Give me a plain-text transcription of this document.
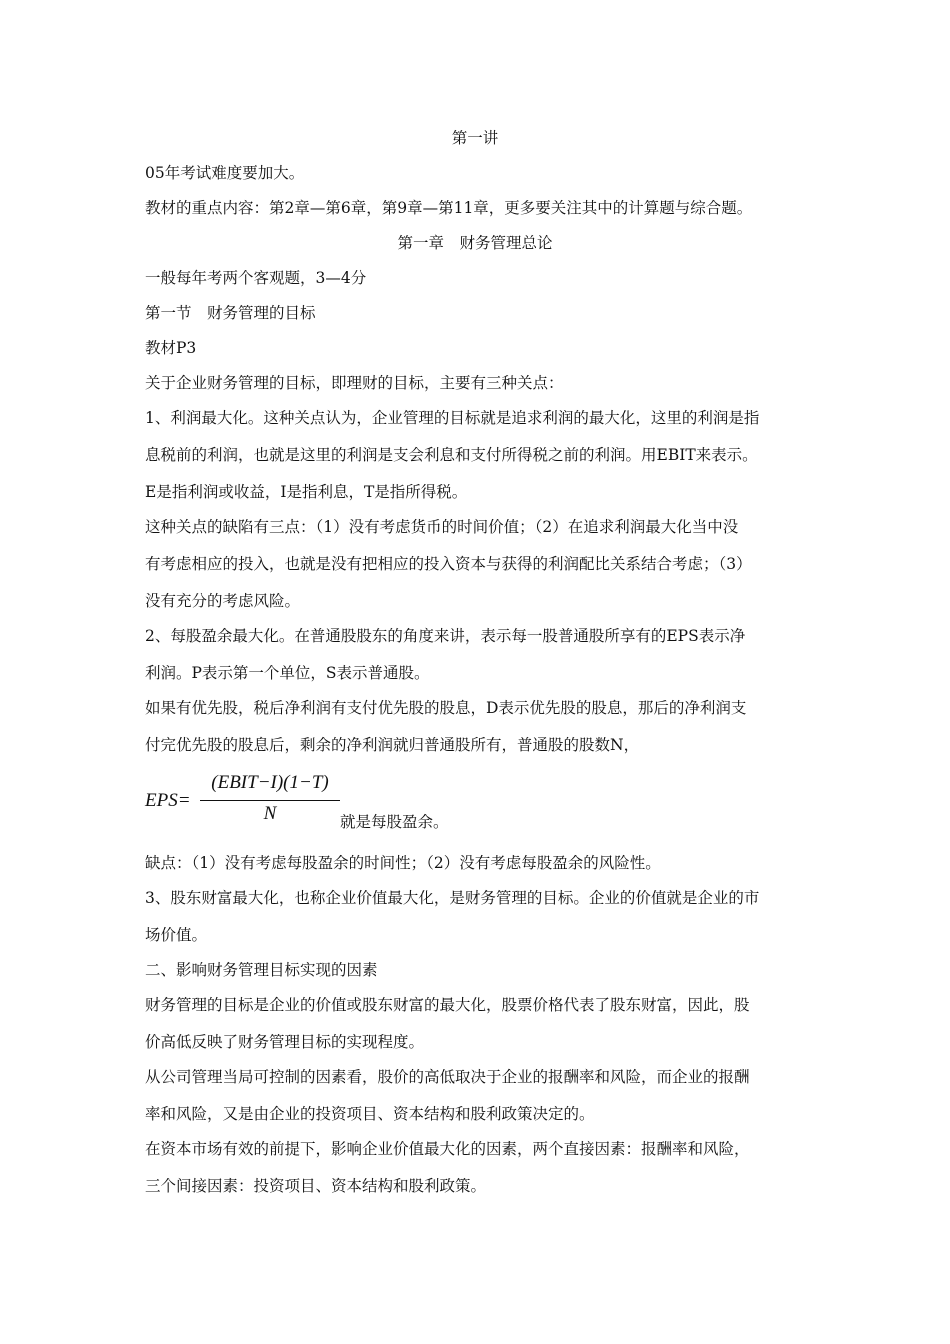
第一讲
05年考试难度要加大。
教材的重点内容：第2章—第6章，第9章—第11章，更多要关注其中的计算题与综合题。
第一章　财务管理总论
一般每年考两个客观题，3—4分
第一节　财务管理的目标
教材P3
关于企业财务管理的目标，即理财的目标，主要有三种关点：
1、利润最大化。这种关点认为，企业管理的目标就是追求利润的最大化，这里的利润是指
息税前的利润，也就是这里的利润是支会利息和支付所得税之前的利润。用EBIT来表示。
E是指利润或收益，I是指利息，T是指所得税。
这种关点的缺陷有三点：（1）没有考虑货币的时间价值；（2）在追求利润最大化当中没
有考虑相应的投入，也就是没有把相应的投入资本与获得的利润配比关系结合考虑；（3）
没有充分的考虑风险。
2、每股盈余最大化。在普通股股东的角度来讲，表示每一股普通股所享有的EPS表示净
利润。P表示第一个单位，S表示普通股。
如果有优先股，税后净利润有支付优先股的股息，D表示优先股的股息，那后的净利润支
付完优先股的股息后，剩余的净利润就归普通股所有，普通股的股数N，
EPS=
(EBIT−I)(1−T)
N	就是每股盈余。
缺点：（1）没有考虑每股盈余的时间性；（2）没有考虑每股盈余的风险性。
3、股东财富最大化，也称企业价值最大化，是财务管理的目标。企业的价值就是企业的市
场价值。
二、影响财务管理目标实现的因素
财务管理的目标是企业的价值或股东财富的最大化，股票价格代表了股东财富，因此，股
价高低反映了财务管理目标的实现程度。
从公司管理当局可控制的因素看，股价的高低取决于企业的报酬率和风险，而企业的报酬
率和风险，又是由企业的投资项目、资本结构和股利政策决定的。
在资本市场有效的前提下，影响企业价值最大化的因素，两个直接因素：报酬率和风险，
三个间接因素：投资项目、资本结构和股利政策。
